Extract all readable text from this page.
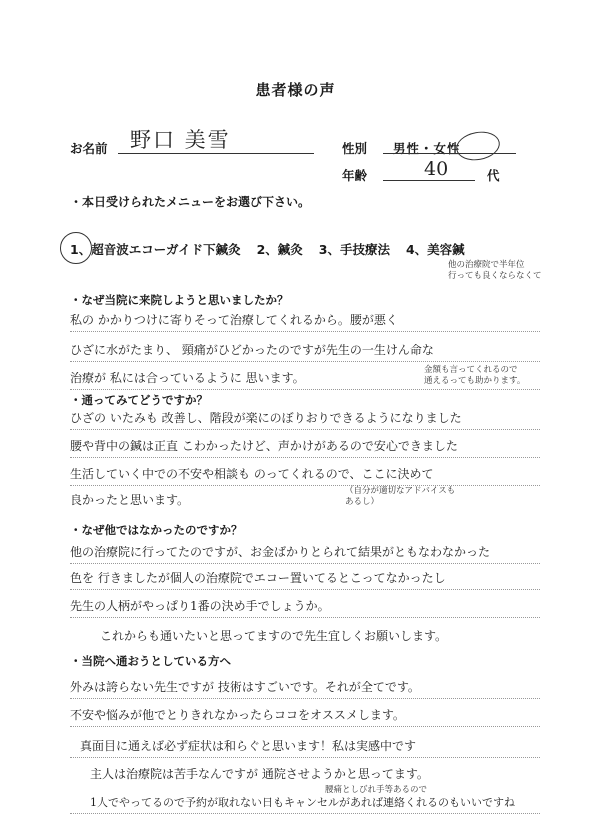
患者様の声
お名前 野口 美雪	性別 男性・女性
年齢	40	代
・本日受けられたメニューをお選び下さい。
1、超音波エコーガイド下鍼灸 2、鍼灸 3、手技療法 4、美容鍼
・なぜ当院に来院しようと思いましたか？
他の治療院で半年位
行っても良くならなくて
私の かかりつけに寄りそって治療してくれるから。腰が悪く
ひざに水がたまり、 頸痛がひどかったのですが先生の一生けん命な
治療が 私には合っているように 思います。
金額も言ってくれるので
通えるっても助かります。
・通ってみてどうですか？
ひざの いたみも 改善し、階段が楽にのぼりおりできるようになりました
腰や背中の鍼は正直 こわかったけど、声かけがあるので安心できました
生活していく中での不安や相談も のってくれるので、ここに決めて
良かったと思います。
（自分が適切なアドバイスも
あるし）
・なぜ他ではなかったのですか？
他の治療院に行ってたのですが、お金ばかりとられて結果がともなわなかった
色を 行きましたが個人の治療院でエコー置いてるとこってなかったし
先生の人柄がやっぱり1番の決め手でしょうか。
これからも通いたいと思ってますので先生宜しくお願いします。
・当院へ通おうとしている方へ
外みは誇らない先生ですが 技術はすごいです。それが全てです。
不安や悩みが他でとりきれなかったらココをオススメします。
真面目に通えば必ず症状は和らぐと思います！私は実感中です
主人は治療院は苦手なんですが 通院させようかと思ってます。
腰痛としびれ手等あるので
1人でやってるので予約が取れない日もキャンセルがあれば連絡くれるのもいいですね
